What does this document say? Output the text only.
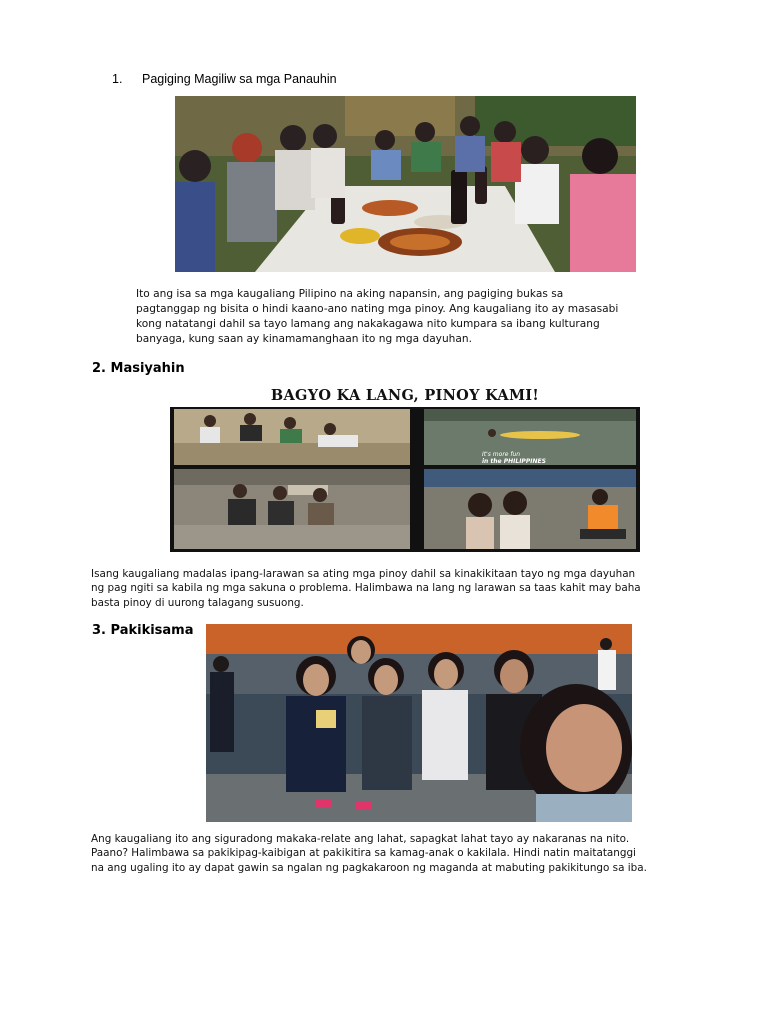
1. Pagiging Magiliw sa mga Panauhin
Ito ang isa sa mga kaugaliang Pilipino na aking napansin, ang pagiging bukas sa
pagtanggap ng bisita o hindi kaano-ano nating mga pinoy. Ang kaugaliang ito ay masasabi
kong natatangi dahil sa tayo lamang ang nakakagawa nito kumpara sa ibang kulturang
banyaga, kung saan ay kinamamanghaan ito ng mga dayuhan.
2. Masiyahin
BAGYO KA LANG, PINOY KAMI!
It's more fun
in the PHILIPPINES
Isang kaugaliang madalas ipang-larawan sa ating mga pinoy dahil sa kinakikitaan tayo ng mga dayuhan
ng pag ngiti sa kabila ng mga sakuna o problema. Halimbawa na lang ng larawan sa taas kahit may baha
basta pinoy di uurong talagang susuong.
3. Pakikisama
Ang kaugaliang ito ang siguradong makaka-relate ang lahat, sapagkat lahat tayo ay nakaranas na nito.
Paano? Halimbawa sa pakikipag-kaibigan at pakikitira sa kamag-anak o kakilala. Hindi natin maitatanggi
na ang ugaling ito ay dapat gawin sa ngalan ng pagkakaroon ng maganda at mabuting pakikitungo sa iba.
